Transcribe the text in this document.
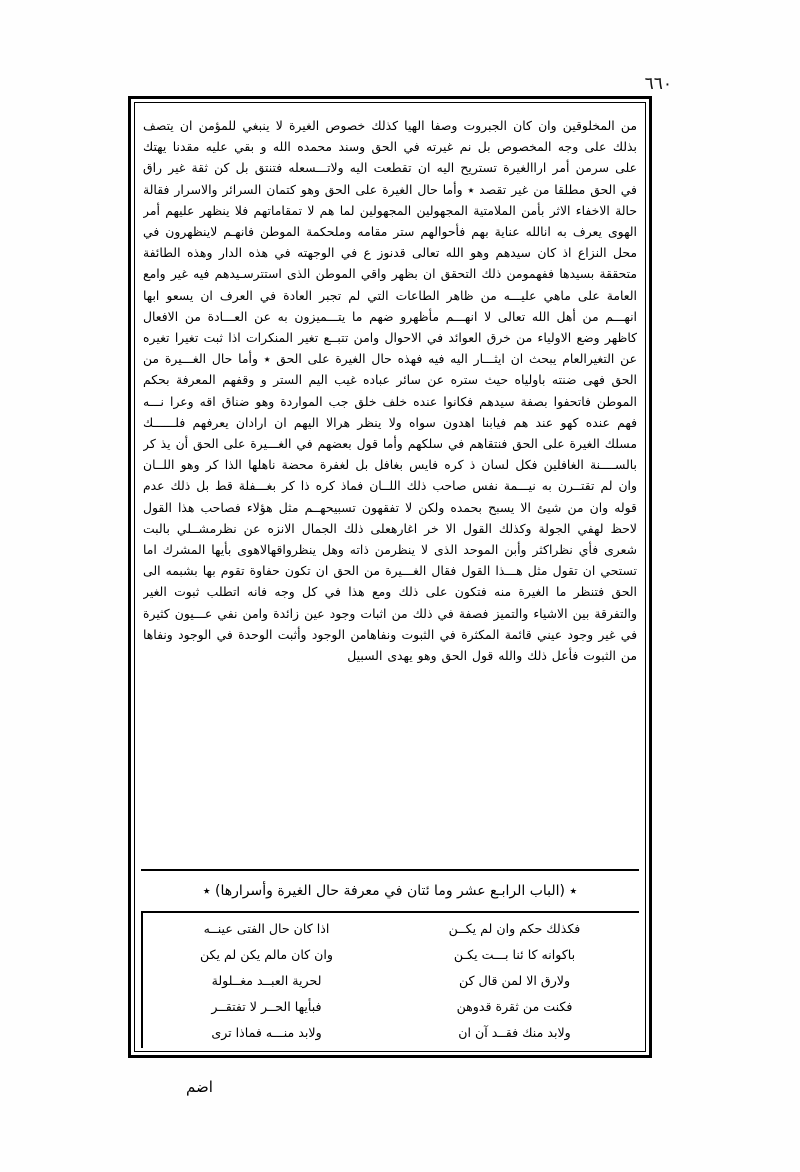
٦٦٠

من المخلوقين وان كان الجبروت وصفا الهيا كذلك خصوص الغيرة لا ينبغي للمؤمن ان يتصف بذلك على وجه المخصوص بل نم غيرته في الحق وسند محمده الله و بقي عليه مقدنا يهتك على سرمن أمر اراالغيرة تستريح اليه ان تقطعت اليه ولاتـــسعله فتنتق بل كن ثقة غير راق في الحق مطلقا من غير تقصد ٭ وأما حال الغيرة على الحق وهو كتمان السرائر والاسرار فقالة حالة الاخفاء الاثر بأمن الملامتية المجهولين المجهولين لما هم لا تمقاماتهم فلا ينظهر عليهم أمر الهوى يعرف به انالله عناية بهم فأحوالهم ستر مقامه وملحكمة الموطن فانهـم لاينظهرون في محل النزاع اذ كان سيدهم وهو الله تعالى قدنوز ع في الوجهته في هذه الدار وهذه الطائفة متحققة بسيدها ففهمومن ذلك التحقق ان بظهر واقي الموطن الذى استترسـيدهم فيه غير وامع العامة على ماهي عليـــه من ظاهر الطاعات التي لم تجبر العادة في العرف ان يسعو ابها انهـــم من أهل الله تعالى لا انهـــم مأظهرو ضهم ما يتـــميزون به عن العـــادة من الافعال كاظهر وضع الاولياء من خرق العوائد في الاحوال وامن تتبــع تغير المنكرات اذا ثبت تغيرا تغيره عن التغيرالعام يبحث ان ايثـــار اليه فيه فهذه حال الغيرة على الحق ٭ وأما حال الغـــيرة من الحق فهى ضنته باولياه حيث ستره عن سائر عباده غيب اليم الستر و وقفهم المعرفة بحكم الموطن فاتحفوا بصفة سيدهم فكانوا عنده خلف خلق جب المواردة وهو ضناق اقه وعرا نـــه فهم عنده كهو عند هم فيابنا اهدون سواه ولا ينظر هرالا اليهم ان ارادان يعرفهم فلــــــك مسلك الغيرة على الحق فنتقاهم في سلكهم وأما قول بعضهم في الغـــيرة على الحق أن يذ كر بالســــنة الغافلين فكل لسان ذ كره فايس بغافل بل لغفرة محضة ناهلها الذا كر وهو اللــان وان لم تقتــرن به نيـــمة نفس صاحب ذلك اللــان فماذ كره ذا كر بغـــفلة قط بل ذلك عدم قوله وان من شيئ الا يسبح بحمده ولكن لا تفقهون تسبيحهــم مثل هؤلاء فصاحب هذا القول لاحظ لهفي الجولة وكذلك القول الا خر اغارهعلى ذلك الجمال الانزه عن نظرمشــلي بالبت شعرى فأي نظراكثر وأبن الموحد الذى لا ينظرمن ذاته وهل ينظرواقهالاهوى بأيها المشرك اما تستحي ان تقول مثل هـــذا القول فقال الغـــيرة من الحق ان تكون حفاوة تقوم بها بشبمه الى الحق فتنظر ما الغيرة منه فتكون على ذلك ومع هذا في كل وجه فانه اتطلب ثبوت الغير والتفرقة بين الاشياء والتميز فصفة في ذلك من اثبات وجود عين زائدة وامن نفي عـــيون كثيرة في غير وجود عيني قائمة المكثرة في الثبوت ونفاهامن الوجود وأثبت الوحدة في الوجود ونفاها من الثبوت فأعل ذلك والله قول الحق وهو يهدى السبيل

٭ (الباب الرابـع عشر وما ئتان في معرفة حال الغيرة وأسرارها) ٭
اذا كان حال الفتى عينــه
وان كان مالم يكن لم يكن
لحرية العبــد مغــلولة
فبأيها الحــر لا تفتقــر
ولابد منـــه فماذا ترى
فكذلك حكم وان لم يكــن
باكوانه كا ئنا بـــت يكـن
ولارق الا لمن قال كن
فكنت من ثقرة قدوهن
ولابد منك فقــد آن ان
اضم
